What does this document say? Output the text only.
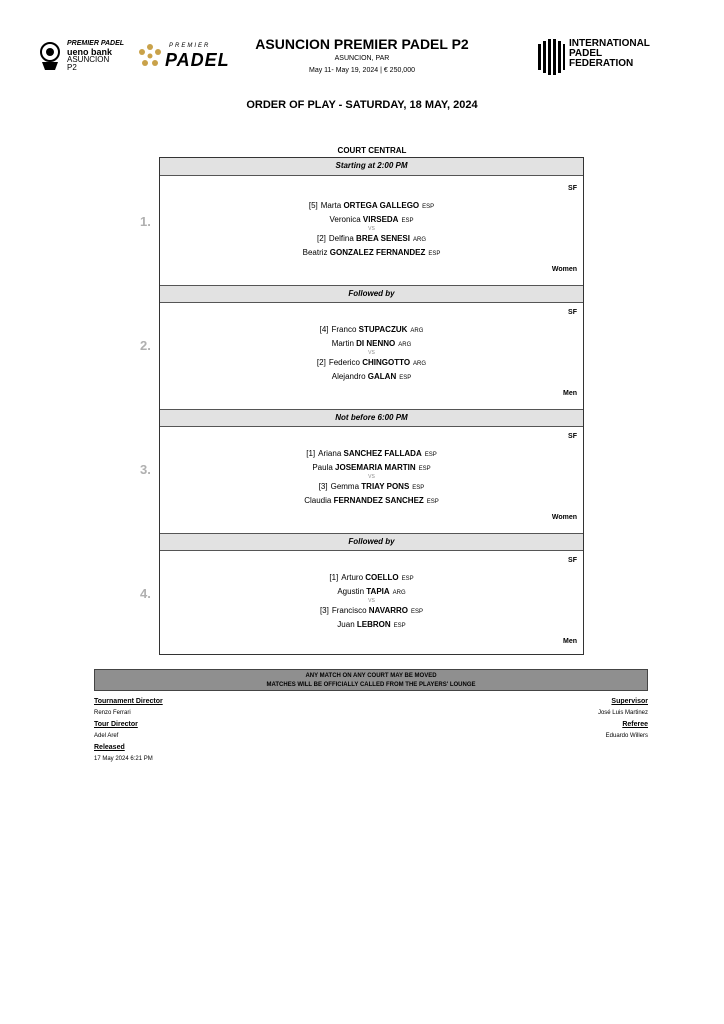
PREMIER PADEL
ueno bank
ASUNCION
P2
PREMIER
PADEL
INTERNATIONAL
PADEL
FEDERATION
ASUNCION PREMIER PADEL P2
ASUNCION, PAR
May 11- May 19, 2024 | € 250,000
ORDER OF PLAY - SATURDAY, 18 MAY, 2024
COURT CENTRAL
Starting at 2:00 PM
1.
SF
[5] Marta ORTEGA GALLEGO ESP
Veronica VIRSEDA ESP
VS
[2] Delfina BREA SENESI ARG
Beatriz GONZALEZ FERNANDEZ ESP
Women
Followed by
2.
SF
[4] Franco STUPACZUK ARG
Martin DI NENNO ARG
VS
[2] Federico CHINGOTTO ARG
Alejandro GALAN ESP
Men
Not before 6:00 PM
3.
SF
[1] Ariana SANCHEZ FALLADA ESP
Paula JOSEMARIA MARTIN ESP
VS
[3] Gemma TRIAY PONS ESP
Claudia FERNANDEZ SANCHEZ ESP
Women
Followed by
4.
SF
[1] Arturo COELLO ESP
Agustin TAPIA ARG
VS
[3] Francisco NAVARRO ESP
Juan LEBRON ESP
Men
ANY MATCH ON ANY COURT MAY BE MOVED
MATCHES WILL BE OFFICIALLY CALLED FROM THE PLAYERS' LOUNGE
Tournament Director
Renzo Ferrari
Tour Director
Adel Aref
Released
17 May 2024 6:21 PM
Supervisor
José Luis Martinez
Referee
Eduardo Willers
